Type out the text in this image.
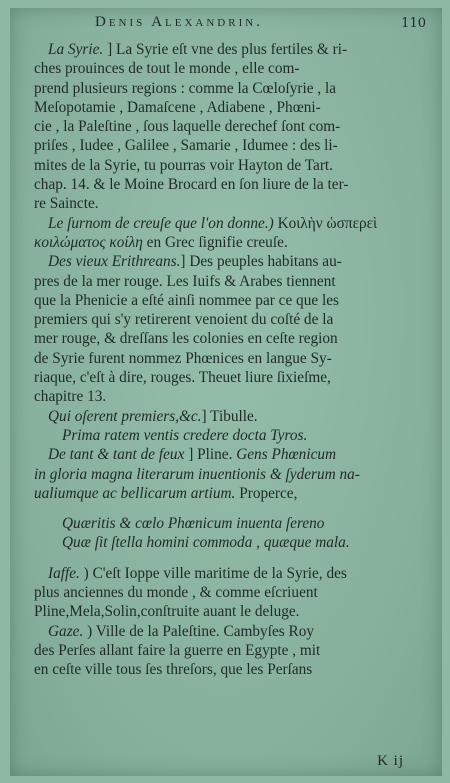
Denis Alexandrin.	110
La Syrie. ] La Syrie eſt vne des plus fertiles & ri-
ches prouinces de tout le monde , elle com-
prend plusieurs regions : comme la Cœloſyrie , la
Meſopotamie , Damaſcene , Adiabene , Phœni-
cie , la Paleſtine , ſous laquelle derechef ſont com-
priſes , Iudee , Galilee , Samarie , Idumee : des li-
mites de la Syrie, tu pourras voir Hayton de Tart.
chap. 14. & le Moine Brocard en ſon liure de la ter-
re Saincte.
Le ſurnom de creuſe que l'on donne.) Κοιλὴν ὡσπερεὶ
κοιλώματος κοίλη en Grec ſignifie creuſe.
Des vieux Erithreans.] Des peuples habitans au-
pres de la mer rouge. Les Iuifs & Arabes tiennent
que la Phenicie a eſté ainſi nommee par ce que les
premiers qui s'y retirerent venoient du coſté de la
mer rouge, & dreſſans les colonies en ceſte region
de Syrie furent nommez Phœnices en langue Sy-
riaque, c'eſt à dire, rouges. Theuet liure ſixieſme,
chapitre 13.
Qui oſerent premiers,&c.] Tibulle.
Prima ratem ventis credere docta Tyros.
De tant & tant de feux ] Pline. Gens Phœnicum
in gloria magna literarum inuentionis & ſyderum na-
ualiumque ac bellicarum artium. Properce,
Quæritis & cœlo Phœnicum inuenta ſereno
Quæ ſit ſtella homini commoda , quæque mala.
Iaffe. ) C'eſt Ioppe ville maritime de la Syrie, des
plus anciennes du monde , & comme eſcriuent
Pline,Mela,Solin,conſtruite auant le deluge.
Gaze. ) Ville de la Paleſtine. Cambyſes Roy
des Perſes allant faire la guerre en Egypte , mit
en ceſte ville tous ſes threſors, que les Perſans
K ij
